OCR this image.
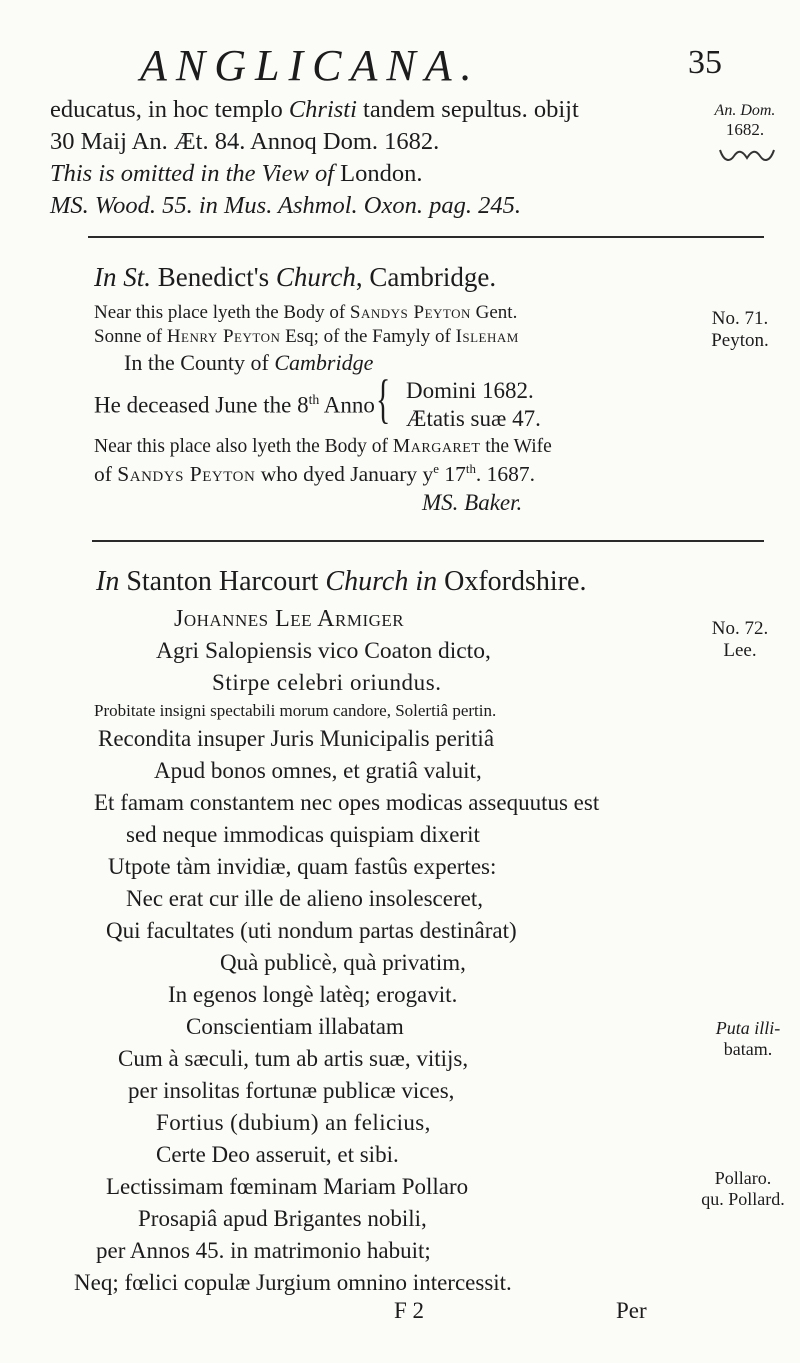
ANGLICANA.	35
educatus, in hoc templo Christi tandem sepultus. obijt
30 Maij An. Æt. 84. Annoq Dom. 1682.
This is omitted in the View of London.
MS. Wood. 55. in Mus. Ashmol. Oxon. pag. 245.
An. Dom.
1682.
In St. Benedict's Church, Cambridge.
Near this place lyeth the Body of Sandys Peyton Gent.
Sonne of Henry Peyton Esq; of the Famyly of Isleham
In the County of Cambridge
He deceased June the 8th Anno { Domini 1682.
Ætatis suæ 47.
Near this place also lyeth the Body of Margaret the Wife
of Sandys Peyton who dyed January $y^e$ 17th. 1687.
MS. Baker.
No. 71.
Peyton.
In Stanton Harcourt Church in Oxfordshire.
Johannes Lee Armiger
Agri Salopiensis vico Coaton dicto,
Stirpe celebri oriundus.
Probitate insigni spectabili morum candore, Solertiâ pertin.
Recondita insuper Juris Municipalis peritiâ
Apud bonos omnes, et gratiâ valuit,
Et famam constantem nec opes modicas assequutus est
sed neque immodicas quispiam dixerit
Utpote tàm invidiæ, quam fastûs expertes:
Nec erat cur ille de alieno insolesceret,
Qui facultates (uti nondum partas destinârat)
Quà publicè, quà privatim,
In egenos longè latèq; erogavit.
Conscientiam illabatam
Cum à sæculi, tum ab artis suæ, vitijs,
per insolitas fortunæ publicæ vices,
Fortius (dubium) an felicius,
Certe Deo asseruit, et sibi.
Lectissimam fœminam Mariam Pollaro
Prosapiâ apud Brigantes nobili,
per Annos 45. in matrimonio habuit;
Neq; fœlici copulæ Jurgium omnino intercessit.
No. 72.
Lee.
Puta illi-
batam.
Pollaro.
qu. Pollard.
F 2	Per
